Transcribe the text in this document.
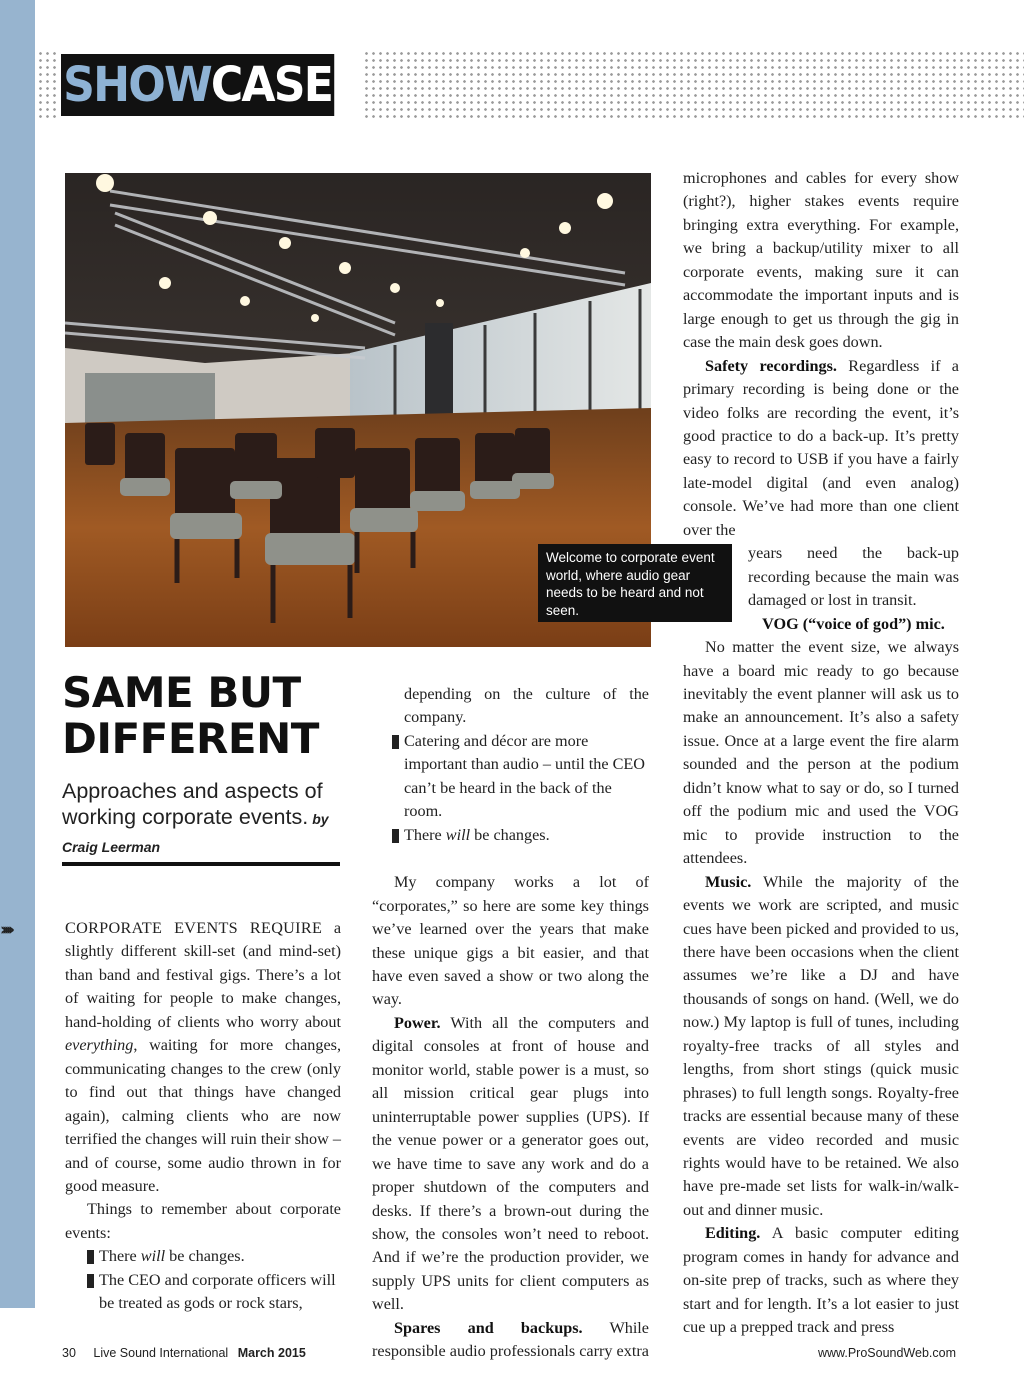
SHOW CASE
Welcome to corporate event world, where audio gear needs to be heard and not seen.
SAME BUT
DIFFERENT
Approaches and aspects of working corporate events. by Craig Leerman
›››››	CORPORATE EVENTS REQUIRE a slightly different skill-set (and mind-set) than band and festival gigs. There’s a lot of waiting for people to make changes, hand-holding of clients who worry about everything, waiting for more changes, communicating changes to the crew (only to find out that things have changed again), calming clients who are now terrified the changes will ruin their show – and of course, some audio thrown in for good measure.

Things to remember about corporate events:

There will be changes.
The CEO and corporate officers will be treated as gods or rock stars,

depending on the culture of the company.

Catering and décor are more important than audio – until the CEO can’t be heard in the back of the room.
There will be changes.

My company works a lot of “corporates,” so here are some key things we’ve learned over the years that make these unique gigs a bit easier, and that have even saved a show or two along the way.

Power. With all the computers and digital consoles at front of house and monitor world, stable power is a must, so all mission critical gear plugs into uninterruptable power supplies (UPS). If the venue power or a generator goes out, we have time to save any work and do a proper shutdown of the computers and desks. If there’s a brown-out during the show, the consoles won’t need to reboot. And if we’re the production provider, we supply UPS units for client computers as well.

Spares and backups. While responsible audio professionals carry extra

microphones and cables for every show (right?), higher stakes events require bringing extra everything. For example, we bring a backup/utility mixer to all corporate events, making sure it can accommodate the important inputs and is large enough to get us through the gig in case the main desk goes down.

Safety recordings. Regardless if a primary recording is being done or the video folks are recording the event, it’s good practice to do a back-up. It’s pretty easy to record to USB if you have a fairly late-model digital (and even analog) console. We’ve had more than one client over the

years need the back-up recording because the main was damaged or lost in transit.

VOG (“voice of god”) mic.

No matter the event size, we always have a board mic ready to go because inevitably the event planner will ask us to make an announcement. It’s also a safety issue. Once at a large event the fire alarm sounded and the person at the podium didn’t know what to say or do, so I turned off the podium mic and used the VOG mic to provide instruction to the attendees.

Music. While the majority of the events we work are scripted, and music cues have been picked and provided to us, there have been occasions when the client assumes we’re like a DJ and have thousands of songs on hand. (Well, we do now.) My laptop is full of tunes, including royalty-free tracks of all styles and lengths, from short stings (quick music phrases) to full length songs. Royalty-free tracks are essential because many of these events are video recorded and music rights would have to be retained. We also have pre-made set lists for walk-in/walk-out and dinner music.

Editing. A basic computer editing program comes in handy for advance and on-site prep of tracks, such as where they start and for length. It’s a lot easier to just cue up a prepped track and press

30 Live Sound International March 2015	www.ProSoundWeb.com
